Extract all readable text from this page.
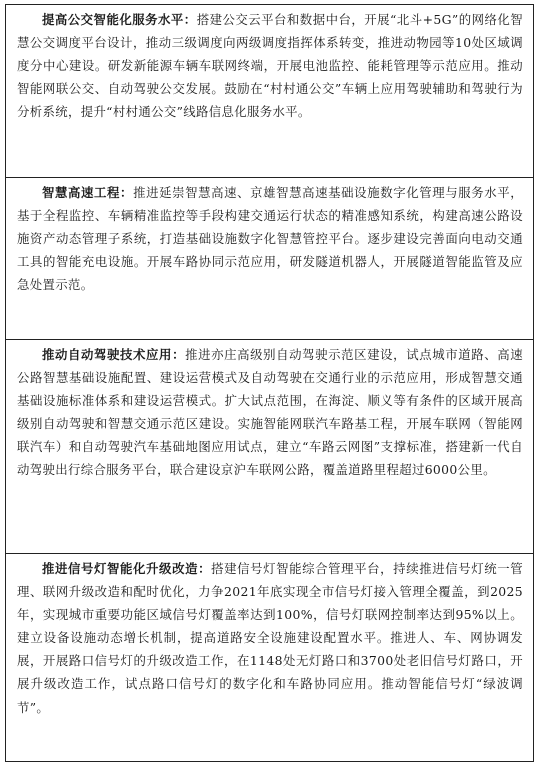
提高公交智能化服务水平：搭建公交云平台和数据中台，开展“北斗+5G”的网络化智慧公交调度平台设计，推动三级调度向两级调度指挥体系转变，推进动物园等10处区域调度分中心建设。研发新能源车辆车联网终端，开展电池监控、能耗管理等示范应用。推动智能网联公交、自动驾驶公交发展。鼓励在“村村通公交”车辆上应用驾驶辅助和驾驶行为分析系统，提升“村村通公交”线路信息化服务水平。
智慧高速工程：推进延崇智慧高速、京雄智慧高速基础设施数字化管理与服务水平，基于全程监控、车辆精准监控等手段构建交通运行状态的精准感知系统，构建高速公路设施资产动态管理子系统，打造基础设施数字化智慧管控平台。逐步建设完善面向电动交通工具的智能充电设施。开展车路协同示范应用，研发隧道机器人，开展隧道智能监管及应急处置示范。
推动自动驾驶技术应用：推进亦庄高级别自动驾驶示范区建设，试点城市道路、高速公路智慧基础设施配置、建设运营模式及自动驾驶在交通行业的示范应用，形成智慧交通基础设施标准体系和建设运营模式。扩大试点范围，在海淀、顺义等有条件的区域开展高级别自动驾驶和智慧交通示范区建设。实施智能网联汽车路基工程，开展车联网（智能网联汽车）和自动驾驶汽车基础地图应用试点，建立“车路云网图”支撑标准，搭建新一代自动驾驶出行综合服务平台，联合建设京沪车联网公路，覆盖道路里程超过6000公里。
推进信号灯智能化升级改造：搭建信号灯智能综合管理平台，持续推进信号灯统一管理、联网升级改造和配时优化，力争2021年底实现全市信号灯接入管理全覆盖，到2025年，实现城市重要功能区域信号灯覆盖率达到100%，信号灯联网控制率达到95%以上。建立设备设施动态增长机制，提高道路安全设施建设配置水平。推进人、车、网协调发展，开展路口信号灯的升级改造工作，在1148处无灯路口和3700处老旧信号灯路口，开展升级改造工作，试点路口信号灯的数字化和车路协同应用。推动智能信号灯“绿波调节”。
